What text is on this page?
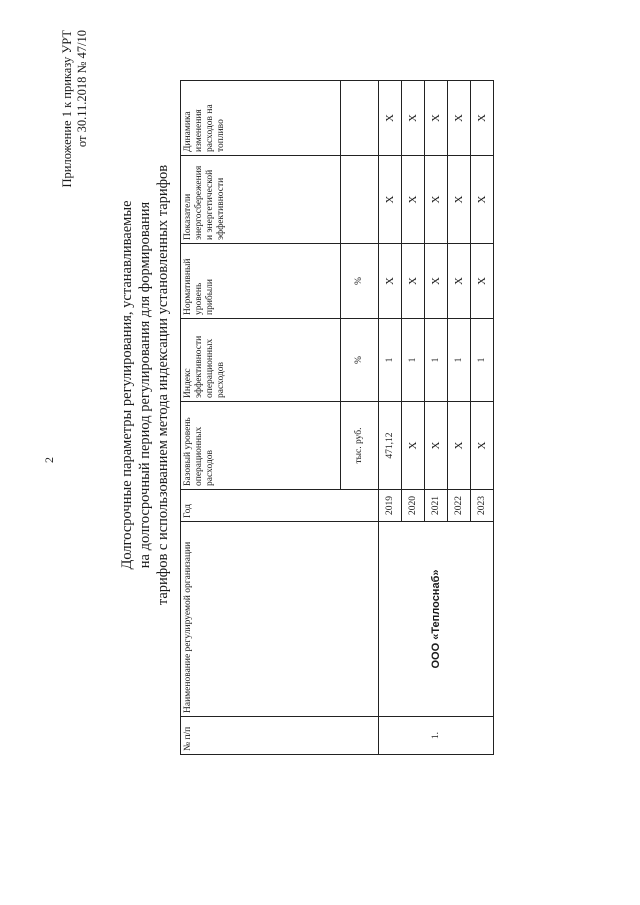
2
Приложение 1 к приказу УРТ от 30.11.2018 № 47/10
Долгосрочные параметры регулирования, устанавливаемые на долгосрочный период регулирования для формирования тарифов с использованием метода индексации установленных тарифов
№ п/п	Наименование регулируемой организации	Год	Базовый уровень операционных расходов	Индекс эффективности операционных расходов	Нормативный уровень прибыли	Показатели энергосбережения и энергетической эффективности	Динамика изменения расходов на топливо
			тыс. руб.	%	%		
1.	ООО «Теплоснаб»	2019	471,12	1	X	X	X
		2020	X	1	X	X	X
		2021	X	1	X	X	X
		2022	X	1	X	X	X
		2023	X	1	X	X	X
